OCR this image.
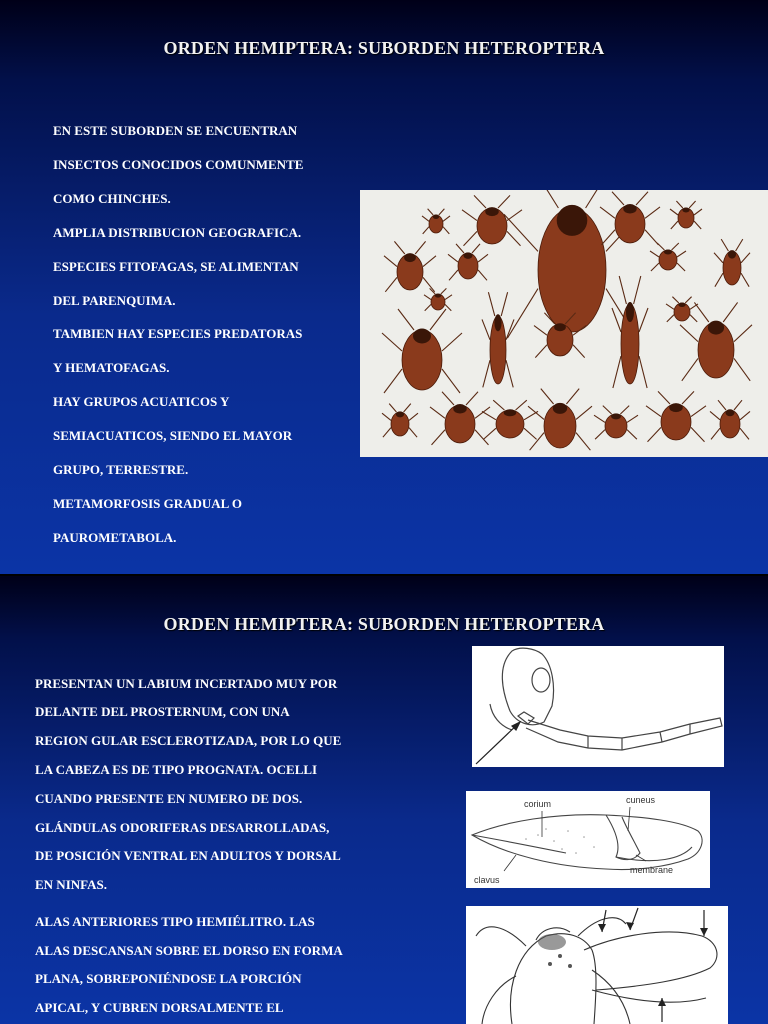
ORDEN HEMIPTERA: SUBORDEN HETEROPTERA
EN ESTE SUBORDEN SE ENCUENTRAN
INSECTOS CONOCIDOS COMUNMENTE
COMO CHINCHES.
AMPLIA DISTRIBUCION GEOGRAFICA.
ESPECIES FITOFAGAS, SE ALIMENTAN
DEL PARENQUIMA.
TAMBIEN HAY ESPECIES PREDATORAS
Y HEMATOFAGAS.
HAY GRUPOS ACUATICOS Y
SEMIACUATICOS, SIENDO EL MAYOR
GRUPO, TERRESTRE.
METAMORFOSIS GRADUAL O
PAUROMETABOLA.
ORDEN HEMIPTERA: SUBORDEN HETEROPTERA
PRESENTAN UN LABIUM INCERTADO MUY POR
DELANTE DEL PROSTERNUM, CON UNA
REGION GULAR ESCLEROTIZADA, POR LO QUE
LA CABEZA ES DE TIPO PROGNATA. OCELLI
CUANDO PRESENTE EN NUMERO DE DOS.
GLÁNDULAS ODORIFERAS DESARROLLADAS,
DE POSICIÓN VENTRAL EN ADULTOS Y DORSAL
EN NINFAS.
ALAS ANTERIORES TIPO HEMIÉLITRO. LAS
ALAS DESCANSAN SOBRE EL DORSO EN FORMA
PLANA, SOBREPONIÉNDOSE LA PORCIÓN
APICAL, Y CUBREN DORSALMENTE EL
corium	cuneus
membrane
clavus
